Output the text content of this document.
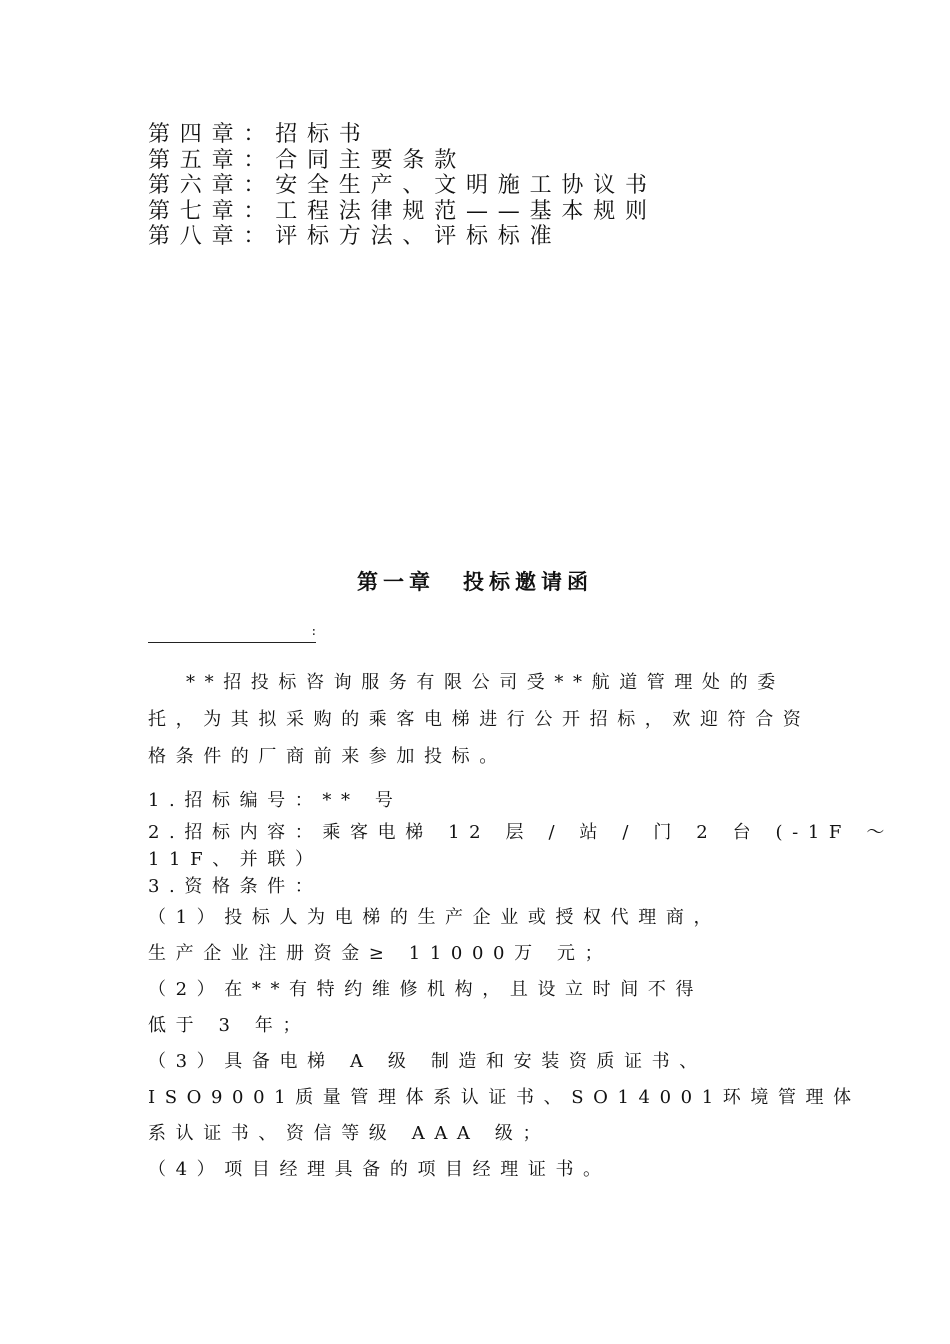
第四章：招标书
第五章：合同主要条款
第六章：安全生产、文明施工协议书
第七章：工程法律规范——基本规则
第八章：评标方法、评标标准
第一章 投标邀请函
:

**招投标咨询服务有限公司受**航道管理处的委托，为其拟采购的乘客电梯进行公开招标，欢迎符合资格条件的厂商前来参加投标。

1.招标编号：** 号

2.招标内容：乘客电梯 12 层 / 站 / 门 2 台 (-1F ～

11F、并联）

3.资格条件：

（1）投标人为电梯的生产企业或授权代理商，

生产企业注册资金≥ 11000万 元；

（2）在**有特约维修机构，且设立时间不得

低于 3 年；

（3）具备电梯 A 级 制造和安装资质证书、

ISO9001质量管理体系认证书、SO14001环境管理体

系认证书、资信等级 AAA 级；

（4）项目经理具备的项目经理证书。
